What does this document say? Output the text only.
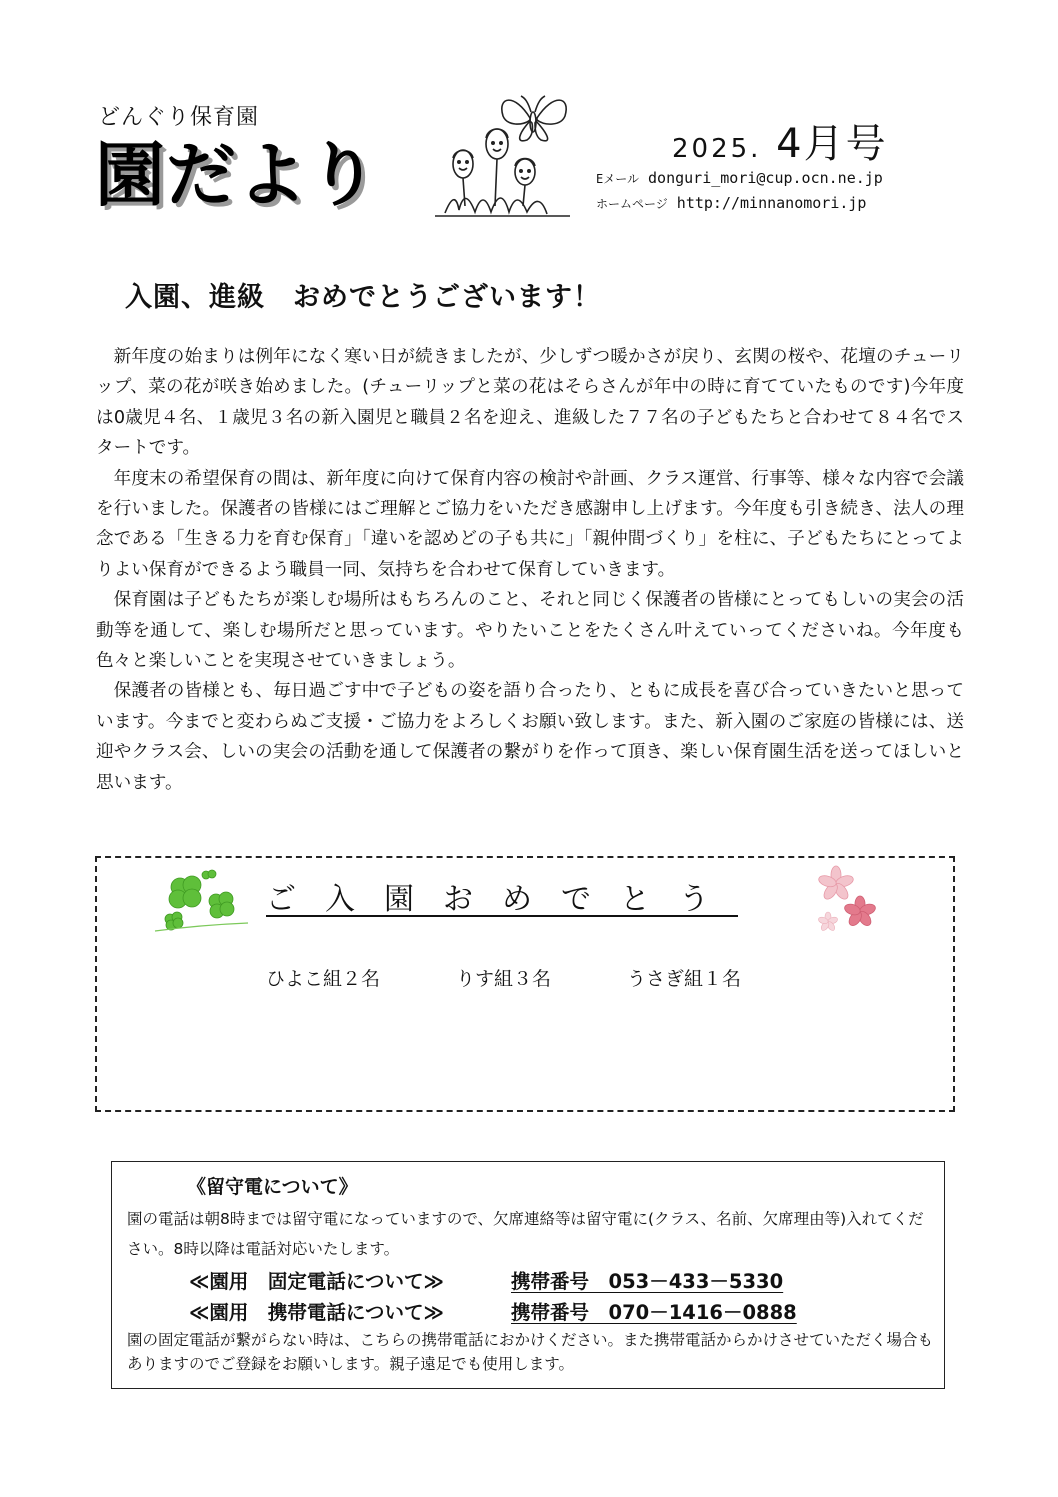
どんぐり保育園
園だより	2025. 4月号
Eメール donguri_mori@cup.ocn.ne.jp
ホームページ http://minnanomori.jp
入園、進級　おめでとうございます！

新年度の始まりは例年になく寒い日が続きましたが、少しずつ暖かさが戻り、玄関の桜や、花壇のチューリップ、菜の花が咲き始めました。(チューリップと菜の花はそらさんが年中の時に育てていたものです)今年度は0歳児４名、１歳児３名の新入園児と職員２名を迎え、進級した７７名の子どもたちと合わせて８４名でスタートです。

年度末の希望保育の間は、新年度に向けて保育内容の検討や計画、クラス運営、行事等、様々な内容で会議を行いました。保護者の皆様にはご理解とご協力をいただき感謝申し上げます。今年度も引き続き、法人の理念である「生きる力を育む保育」「違いを認めどの子も共に」「親仲間づくり」を柱に、子どもたちにとってよりよい保育ができるよう職員一同、気持ちを合わせて保育していきます。

保育園は子どもたちが楽しむ場所はもちろんのこと、それと同じく保護者の皆様にとってもしいの実会の活動等を通して、楽しむ場所だと思っています。やりたいことをたくさん叶えていってくださいね。今年度も色々と楽しいことを実現させていきましょう。

保護者の皆様とも、毎日過ごす中で子どもの姿を語り合ったり、ともに成長を喜び合っていきたいと思っています。今までと変わらぬご支援・ご協力をよろしくお願い致します。また、新入園のご家庭の皆様には、送迎やクラス会、しいの実会の活動を通して保護者の繋がりを作って頂き、楽しい保育園生活を送ってほしいと思います。

ご入園おめでとう
ひよこ組２名	りす組３名	うさぎ組１名
《留守電について》
園の電話は朝8時までは留守電になっていますので、欠席連絡等は留守電に(クラス、名前、欠席理由等)入れてください。8時以降は電話対応いたします。
≪園用　固定電話について≫	携帯番号　053－433－5330
≪園用　携帯電話について≫	携帯番号　070－1416－0888
園の固定電話が繋がらない時は、こちらの携帯電話におかけください。また携帯電話からかけさせていただく場合もありますのでご登録をお願いします。親子遠足でも使用します。
